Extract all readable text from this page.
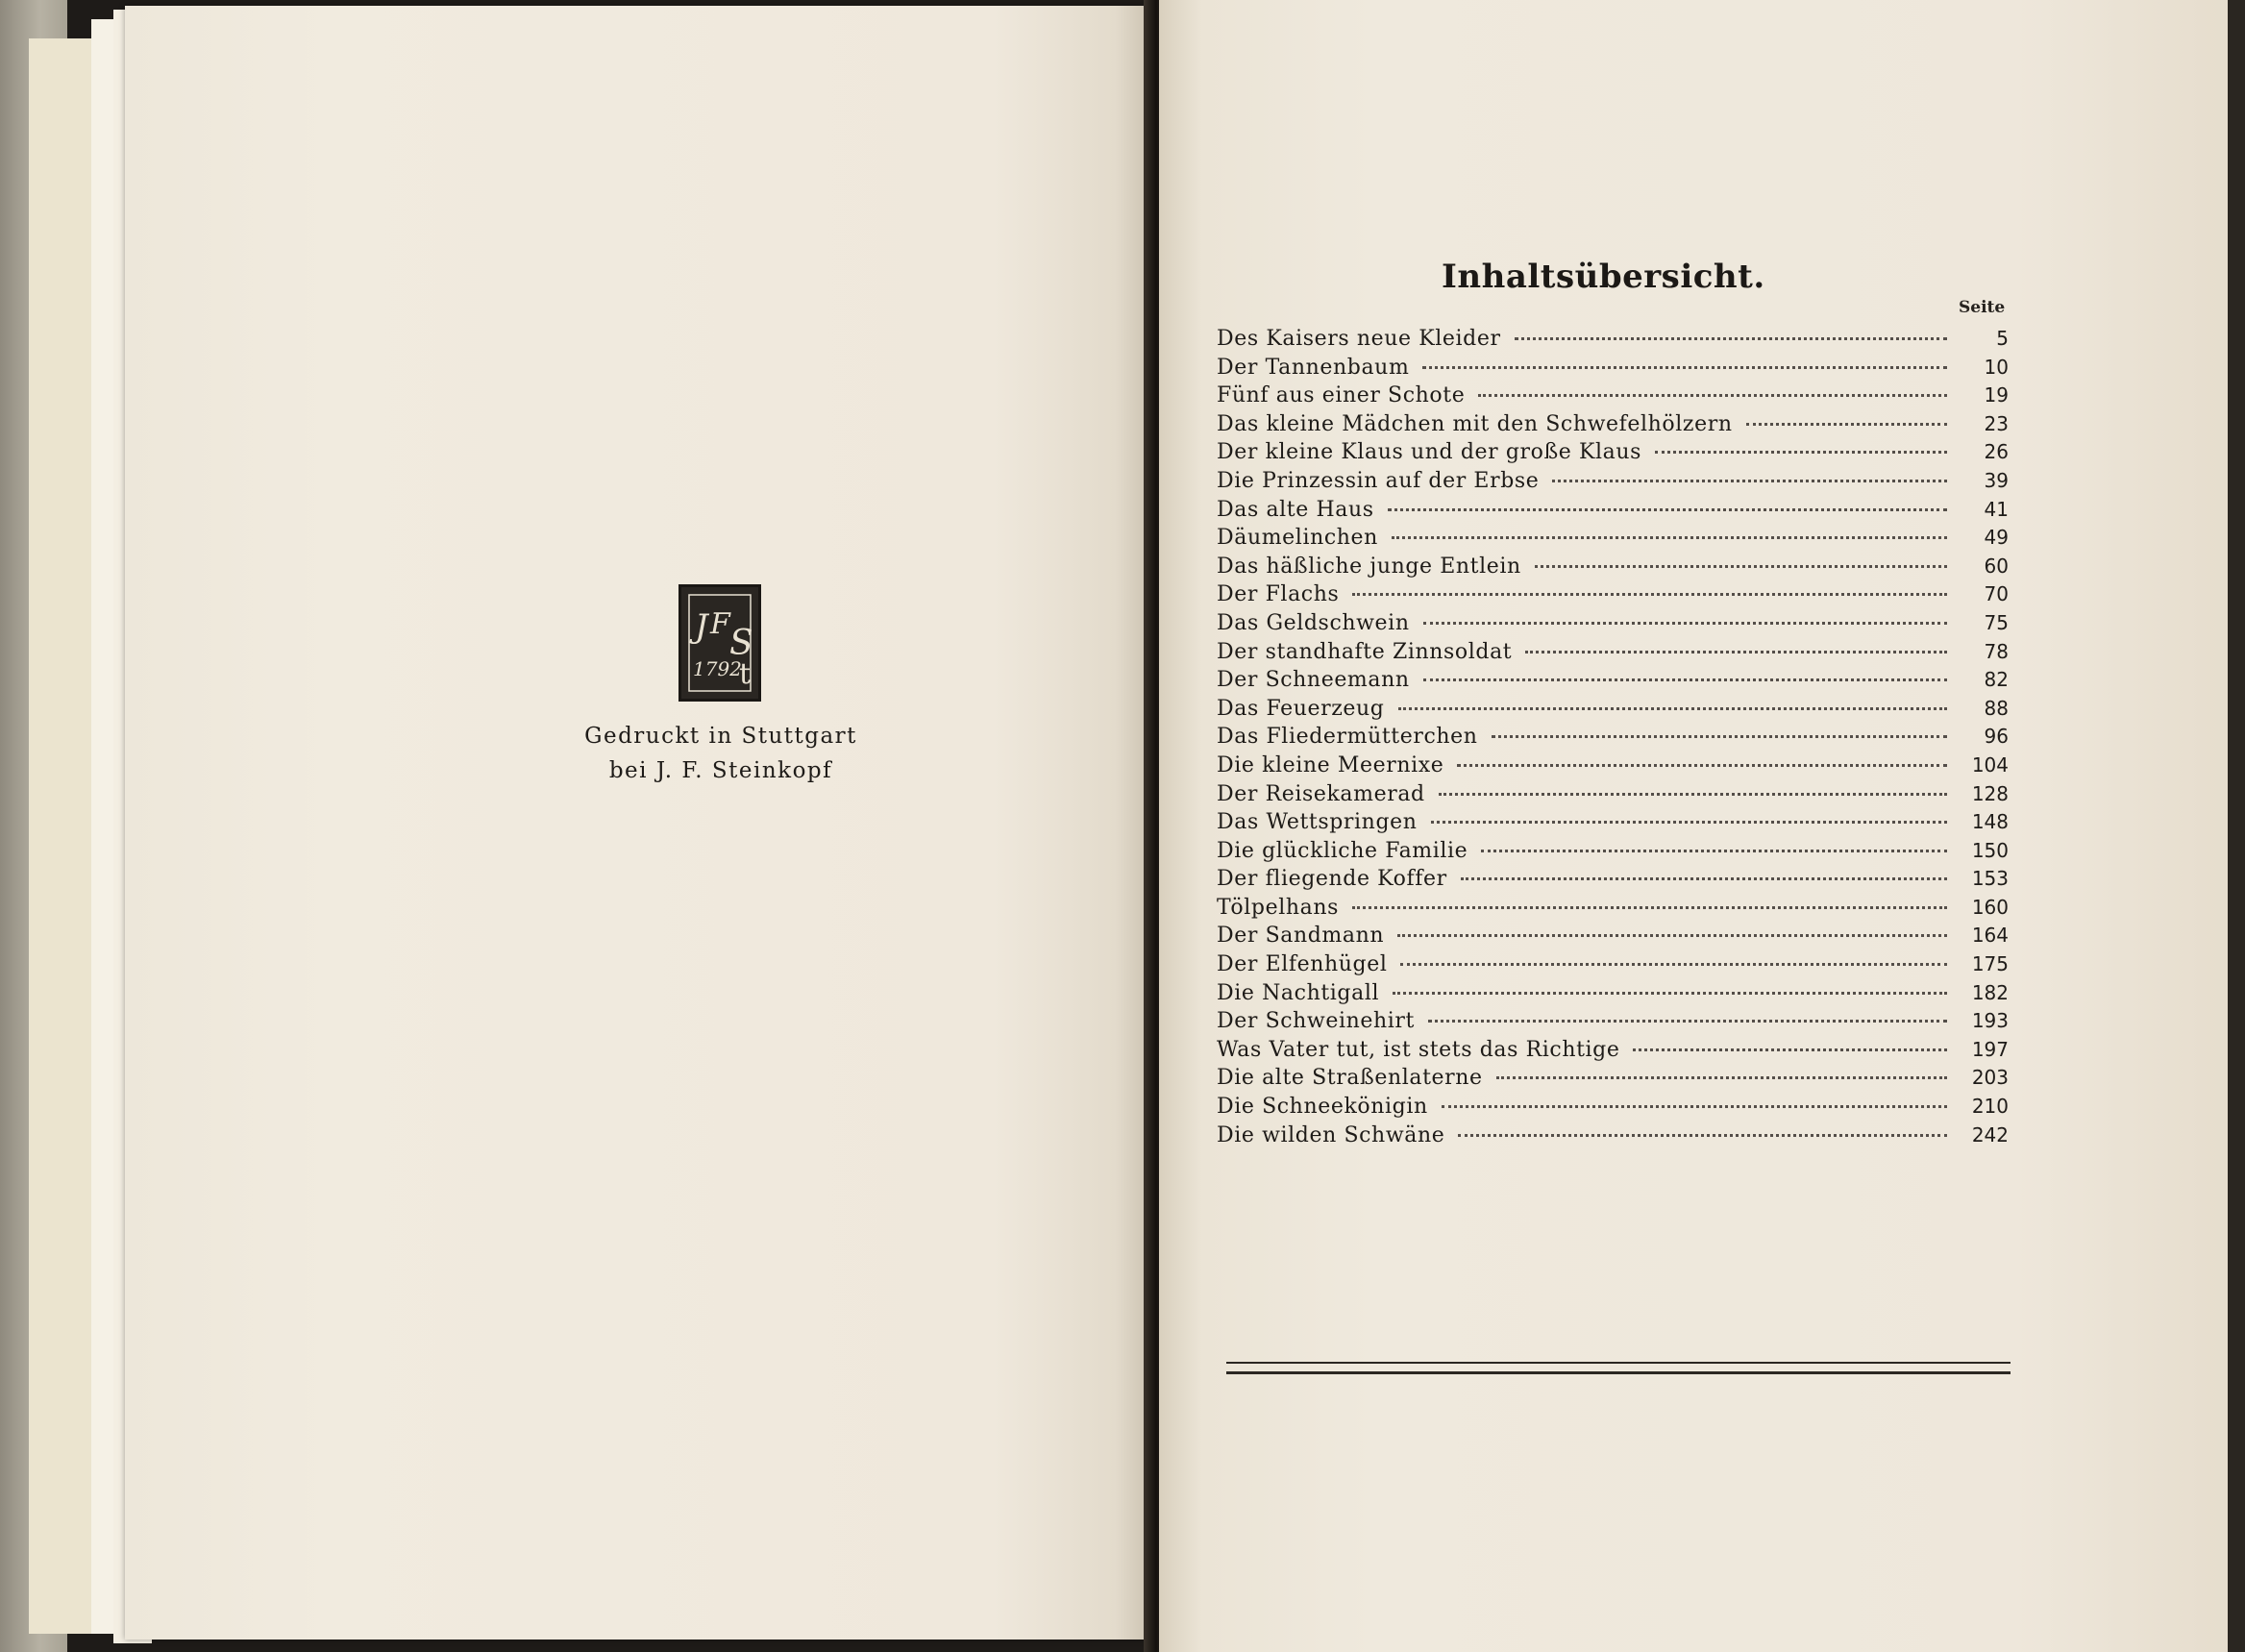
J F S
t
1792
Gedruckt in Stuttgart
bei J. F. Steinkopf
Inhaltsübersicht.
Seite
Des Kaisers neue Kleider	5
Der Tannenbaum	10
Fünf aus einer Schote	19
Das kleine Mädchen mit den Schwefelhölzern	23
Der kleine Klaus und der große Klaus	26
Die Prinzessin auf der Erbse	39
Das alte Haus	41
Däumelinchen	49
Das häßliche junge Entlein	60
Der Flachs	70
Das Geldschwein	75
Der standhafte Zinnsoldat	78
Der Schneemann	82
Das Feuerzeug	88
Das Fliedermütterchen	96
Die kleine Meernixe	104
Der Reisekamerad	128
Das Wettspringen	148
Die glückliche Familie	150
Der fliegende Koffer	153
Tölpelhans	160
Der Sandmann	164
Der Elfenhügel	175
Die Nachtigall	182
Der Schweinehirt	193
Was Vater tut, ist stets das Richtige	197
Die alte Straßenlaterne	203
Die Schneekönigin	210
Die wilden Schwäne	242
